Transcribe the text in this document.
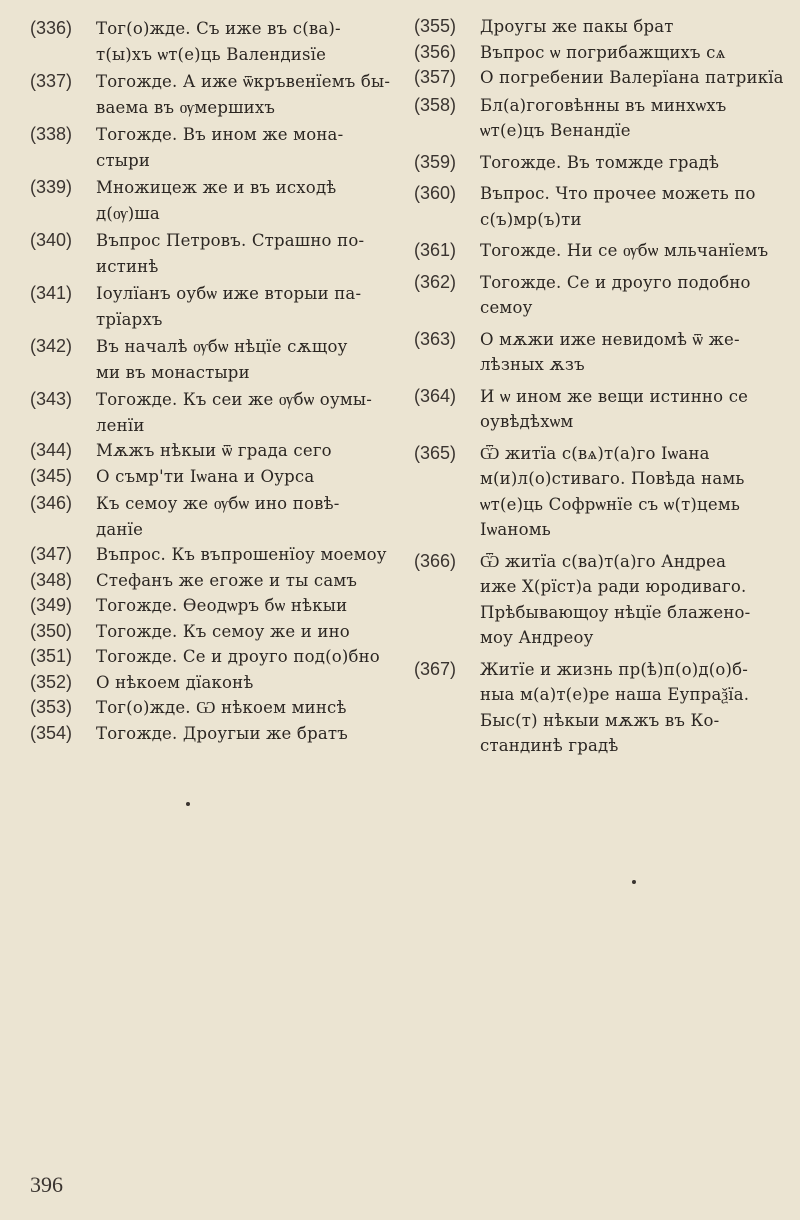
(336)	Тог(о)жде. Съ иже въ с(ва)-
т(ы)хъ ѡт(е)ць Валендиѕїе
(337)	Тогожде. А иже ѿкръвенїемъ бы-
ваема въ ѹмершихъ
(338)	Тогожде. Въ ином же мона-
стыри
(339)	Множицеж же и въ исходѣ
д(ѹ)ша
(340)	Въпрос Петровъ. Страшно по-
истинѣ
(341)	Ioулїанъ оубѡ иже вторыи па-
трїархъ
(342)	Въ началѣ ѹбѡ нѣцїе сѫщоу
ми въ монастыри
(343)	Тогожде. Къ сеи же ѹбѡ оумы-
ленїи
(344)	Мѫжъ нѣкыи ѿ града сего
(345)	О съмр'ти Iѡана и Оурса
(346)	Къ семоу же ѹбѡ ино повѣ-
данїе
(347)	Въпрос. Къ въпрошенїоу моемоу
(348)	Стефанъ же егоже и ты самъ
(349)	Тогожде. Ѳеодѡръ бѡ нѣкыи
(350)	Тогожде. Къ семоу же и ино
(351)	Тогожде. Се и дроуго под(о)бно
(352)	О нѣкоем дїаконѣ
(353)	Тог(о)жде. Ѡ нѣкоем минсѣ
(354)	Тогожде. Дроугыи же братъ
(355)	Дроугы же пакы брат
(356)	Въпрос ѡ погрибажщихъ сѧ
(357)	О погребении Валерїана патрикїа
(358)	Бл(а)гоговѣнны въ минхѡхъ
ѡт(е)цъ Венандїе
(359)	Тогожде. Въ томжде градѣ
(360)	Въпрос. Что прочее можеть по
с(ъ)мр(ъ)ти
(361)	Тогожде. Ни се ѹбѡ мльчанїемъ
(362)	Тогожде. Се и дроуго подобно
семоу
(363)	О мѫжи иже невидомѣ ѿ же-
лѣзных ѫзъ
(364)	И ѡ ином же вещи истинно се
оувѣдѣхѡм
(365)	Ѿ житїа с(вѧ)т(а)го Iѡана
м(и)л(о)стиваго. Повѣда намь
ѡт(е)ць Софрѡнїе съ ѡ(т)цемь
Iѡаномь
(366)	Ѿ житїа с(ва)т(а)го Андреа
иже Х(рїст)а ради юродиваго.
Прѣбывающоу нѣцїе блажено-
моу Андреоу
(367)	Житїе и жизнь пр(ѣ)п(о)д(о)б-
ныа м(а)т(е)ре наша Еупраѯїа.
Быс(т) нѣкыи мѫжъ въ Ко-
стандинѣ градѣ
396
